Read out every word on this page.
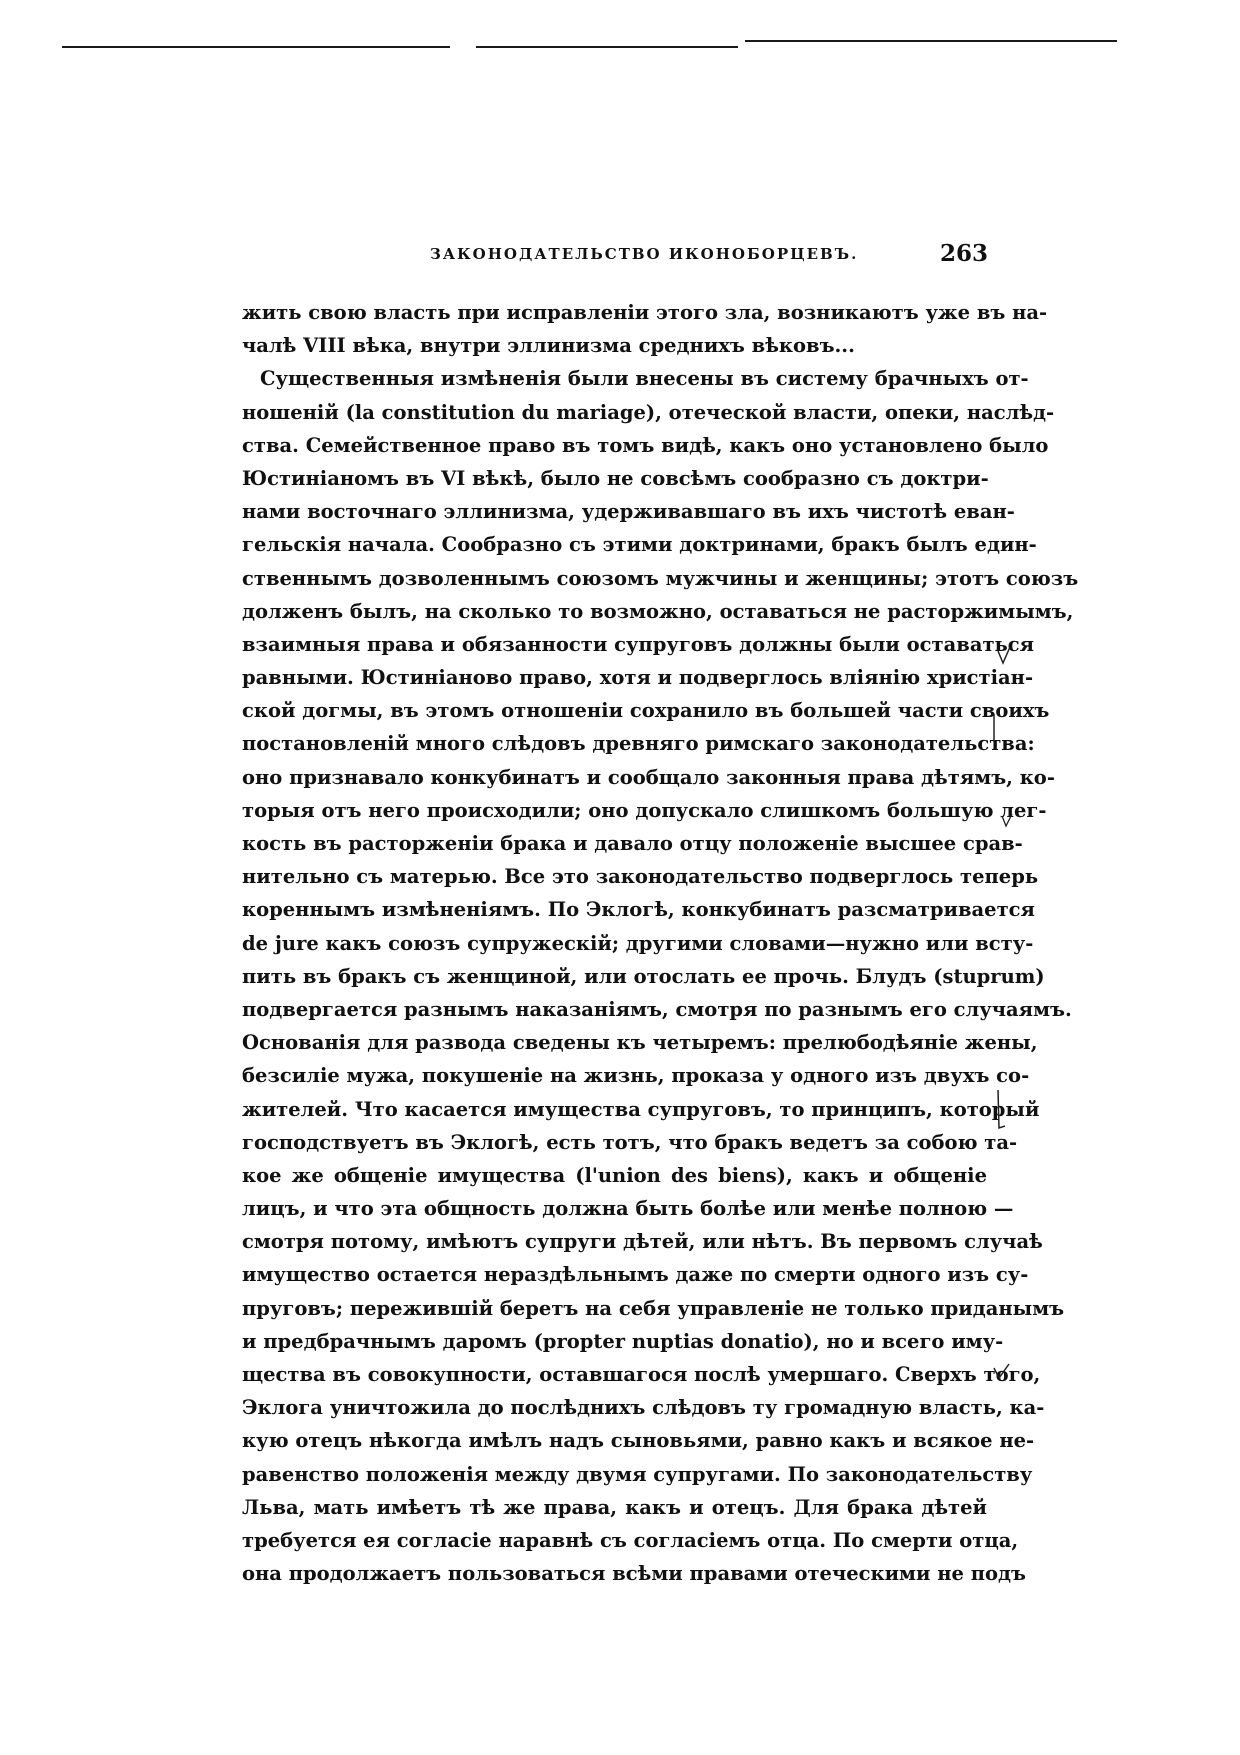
ЗАКОНОДАТЕЛЬСТВО ИКОНОБОРЦЕВЪ.	263
жить свою власть при исправленіи этого зла, возникаютъ уже въ на-
чалѣ VIII вѣка, внутри эллинизма среднихъ вѣковъ...
Существенныя измѣненія были внесены въ систему брачныхъ от-
ношеній (la constitution du mariage), отеческой власти, опеки, наслѣд-
ства. Семейственное право въ томъ видѣ, какъ оно установлено было
Юстиніаномъ въ VI вѣкѣ, было не совсѣмъ сообразно съ доктри-
нами восточнаго эллинизма, удерживавшаго въ ихъ чистотѣ еван-
гельскія начала. Сообразно съ этими доктринами, бракъ былъ един-
ственнымъ дозволеннымъ союзомъ мужчины и женщины; этотъ союзъ
долженъ былъ, на сколько то возможно, оставаться не расторжимымъ,
взаимныя права и обязанности супруговъ должны были оставаться
равными. Юстиніаново право, хотя и подверглось вліянію христіан-
ской догмы, въ этомъ отношеніи сохранило въ большей части своихъ
постановленій много слѣдовъ древняго римскаго законодательства:
оно признавало конкубинатъ и сообщало законныя права дѣтямъ, ко-
торыя отъ него происходили; оно допускало слишкомъ большую лег-
кость въ расторженіи брака и давало отцу положеніе высшее срав-
нительно съ матерью. Все это законодательство подверглось теперь
кореннымъ измѣненіямъ. По Эклогѣ, конкубинатъ разсматривается
de jure какъ союзъ супружескій; другими словами—нужно или всту-
пить въ бракъ съ женщиной, или отослать ее прочь. Блудъ (stuprum)
подвергается разнымъ наказаніямъ, смотря по разнымъ его случаямъ.
Основанія для развода сведены къ четыремъ: прелюбодѣяніе жены,
безсиліе мужа, покушеніе на жизнь, проказа у одного изъ двухъ со-
жителей. Что касается имущества супруговъ, то принципъ, который
господствуетъ въ Эклогѣ, есть тотъ, что бракъ ведетъ за собою та-
кое же общеніе имущества (l'union des biens), какъ и общеніе
лицъ, и что эта общность должна быть болѣе или менѣе полною —
смотря потому, имѣютъ супруги дѣтей, или нѣтъ. Въ первомъ случаѣ
имущество остается нераздѣльнымъ даже по смерти одного изъ су-
пруговъ; пережившій беретъ на себя управленіе не только приданымъ
и предбрачнымъ даромъ (propter nuptias donatio), но и всего иму-
щества въ совокупности, оставшагося послѣ умершаго. Сверхъ того,
Эклога уничтожила до послѣднихъ слѣдовъ ту громадную власть, ка-
кую отецъ нѣкогда имѣлъ надъ сыновьями, равно какъ и всякое не-
равенство положенія между двумя супругами. По законодательству
Льва, мать имѣетъ тѣ же права, какъ и отецъ. Для брака дѣтей
требуется ея согласіе наравнѣ съ согласіемъ отца. По смерти отца,
она продолжаетъ пользоваться всѣми правами отеческими не подъ
